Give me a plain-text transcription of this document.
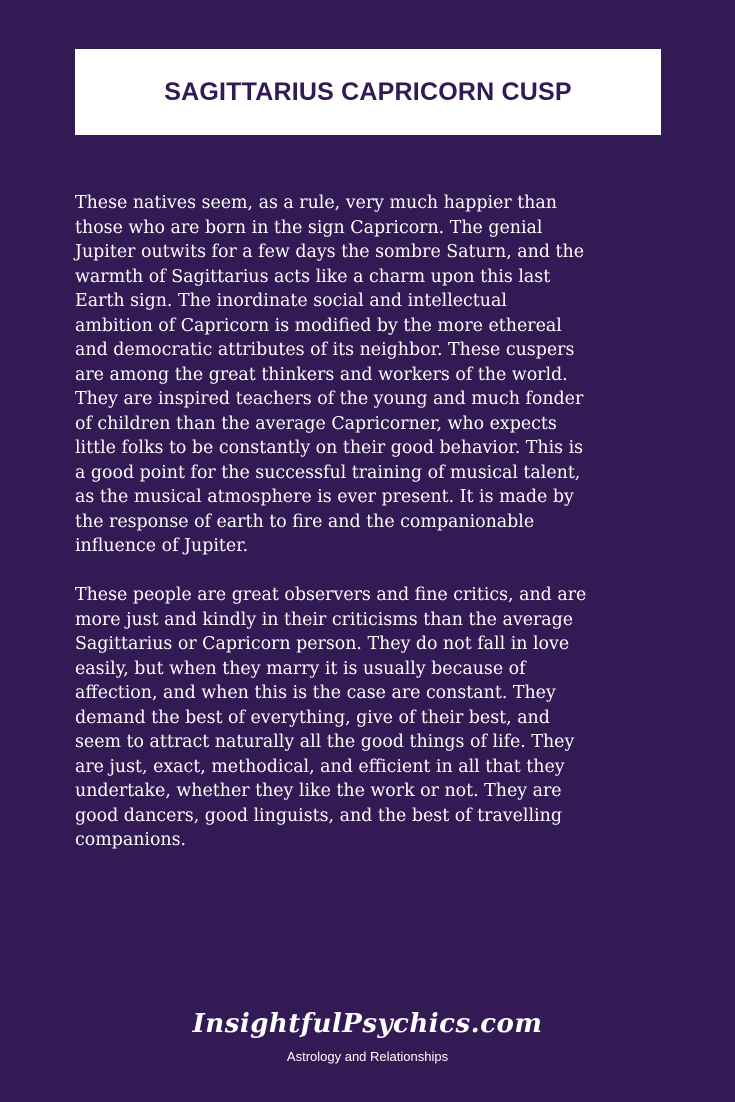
SAGITTARIUS CAPRICORN CUSP

These natives seem, as a rule, very much happier than
those who are born in the sign Capricorn. The genial
Jupiter outwits for a few days the sombre Saturn, and the
warmth of Sagittarius acts like a charm upon this last
Earth sign. The inordinate social and intellectual
ambition of Capricorn is modified by the more ethereal
and democratic attributes of its neighbor. These cuspers
are among the great thinkers and workers of the world.
They are inspired teachers of the young and much fonder
of children than the average Capricorner, who expects
little folks to be constantly on their good behavior. This is
a good point for the successful training of musical talent,
as the musical atmosphere is ever present. It is made by
the response of earth to fire and the companionable
influence of Jupiter.

These people are great observers and fine critics, and are
more just and kindly in their criticisms than the average
Sagittarius or Capricorn person. They do not fall in love
easily, but when they marry it is usually because of
affection, and when this is the case are constant. They
demand the best of everything, give of their best, and
seem to attract naturally all the good things of life. They
are just, exact, methodical, and efficient in all that they
undertake, whether they like the work or not. They are
good dancers, good linguists, and the best of travelling
companions.

InsightfulPsychics.com
Astrology and Relationships
